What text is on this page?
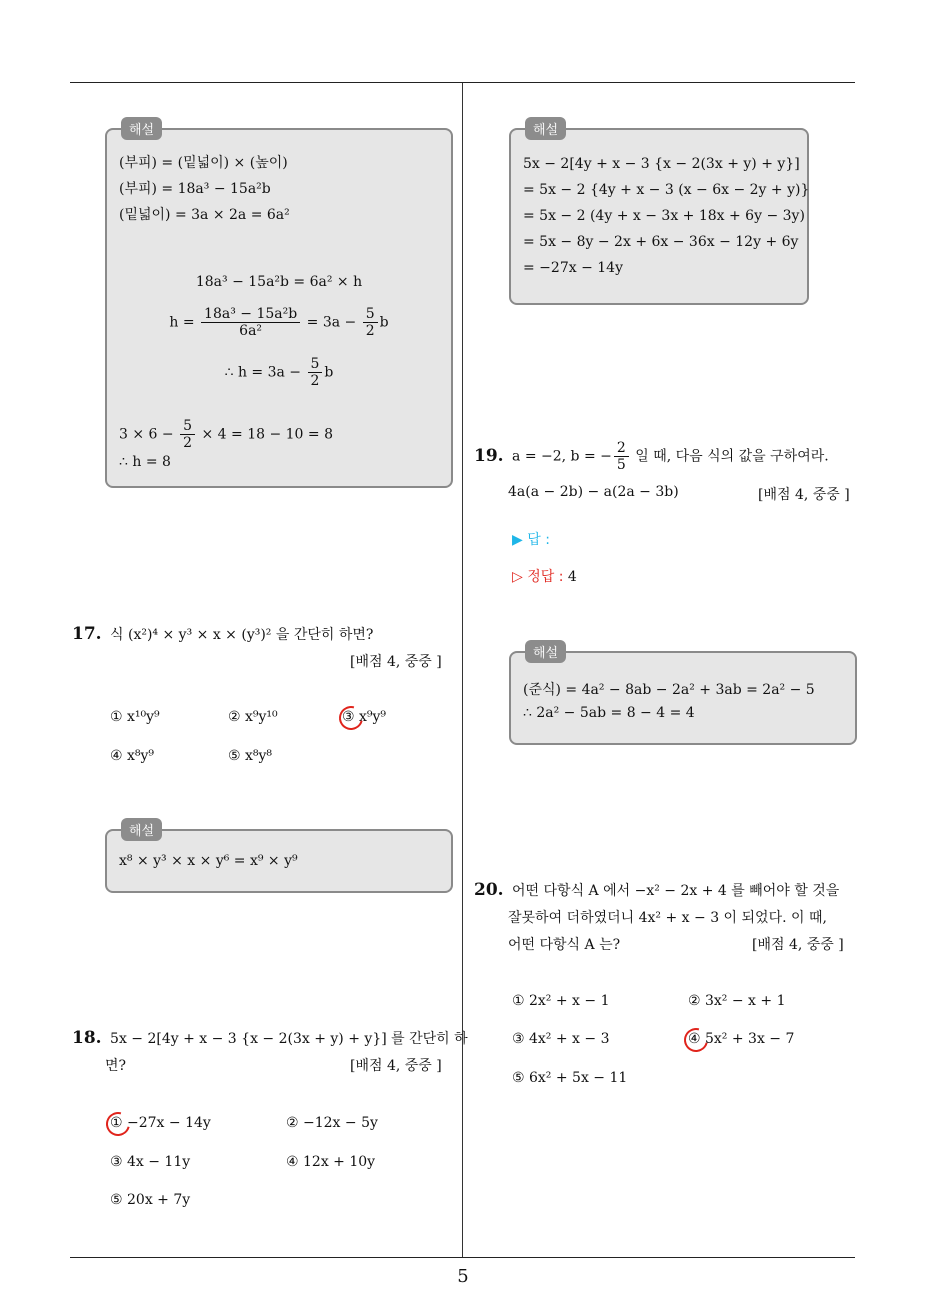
해설
(부피) = (밑넓이) × (높이)
(부피) = 18a³ − 15a²b
(밑넓이) = 3a × 2a = 6a²
18a³ − 15a²b = 6a² × h
$h = \frac{\text{18a³ − 15a²b}}{\text{6a²}} = 3a - \frac{5}{2}$ b
∴ $h = 3a - \frac{5}{2}$ b
$3 \times 6 - \frac{5}{2} \times 4 = 18 - 10 = 8$
∴ h = 8
17. 식 (x²)⁴ × y³ × x × (y³)² 을 간단히 하면?
[배점 4, 중중 ]
① x¹⁰y⁹	② x⁹y¹⁰	③ x⁹y⁹
④ x⁸y⁹	⑤ x⁸y⁸
해설
x⁸ × y³ × x × y⁶ = x⁹ × y⁹
18. 5x − 2[4y + x − 3 {x − 2(3x + y) + y}] 를 간단히 하
면?	[배점 4, 중중 ]
① −27x − 14y	② −12x − 5y
③ 4x − 11y	④ 12x + 10y
⑤ 20x + 7y
해설
5x − 2[4y + x − 3 {x − 2(3x + y) + y}]
= 5x − 2 {4y + x − 3 (x − 6x − 2y + y)}
= 5x − 2 (4y + x − 3x + 18x + 6y − 3y)
= 5x − 8y − 2x + 6x − 36x − 12y + 6y
= −27x − 14y
19. a = −2, b = − $\frac{2}{5}$ 일 때, 다음 식의 값을 구하여라.
4a(a − 2b) − a(2a − 3b)	[배점 4, 중중 ]
▶ 답 :
▷ 정답 : 4
해설
(준식) = 4a² − 8ab − 2a² + 3ab = 2a² − 5
∴ 2a² − 5ab = 8 − 4 = 4
20. 어떤 다항식 A 에서 −x² − 2x + 4 를 빼어야 할 것을
잘못하여 더하였더니 4x² + x − 3 이 되었다. 이 때,
어떤 다항식 A 는?	[배점 4, 중중 ]
① 2x² + x − 1	② 3x² − x + 1
③ 4x² + x − 3	④ 5x² + 3x − 7
⑤ 6x² + 5x − 11
5
